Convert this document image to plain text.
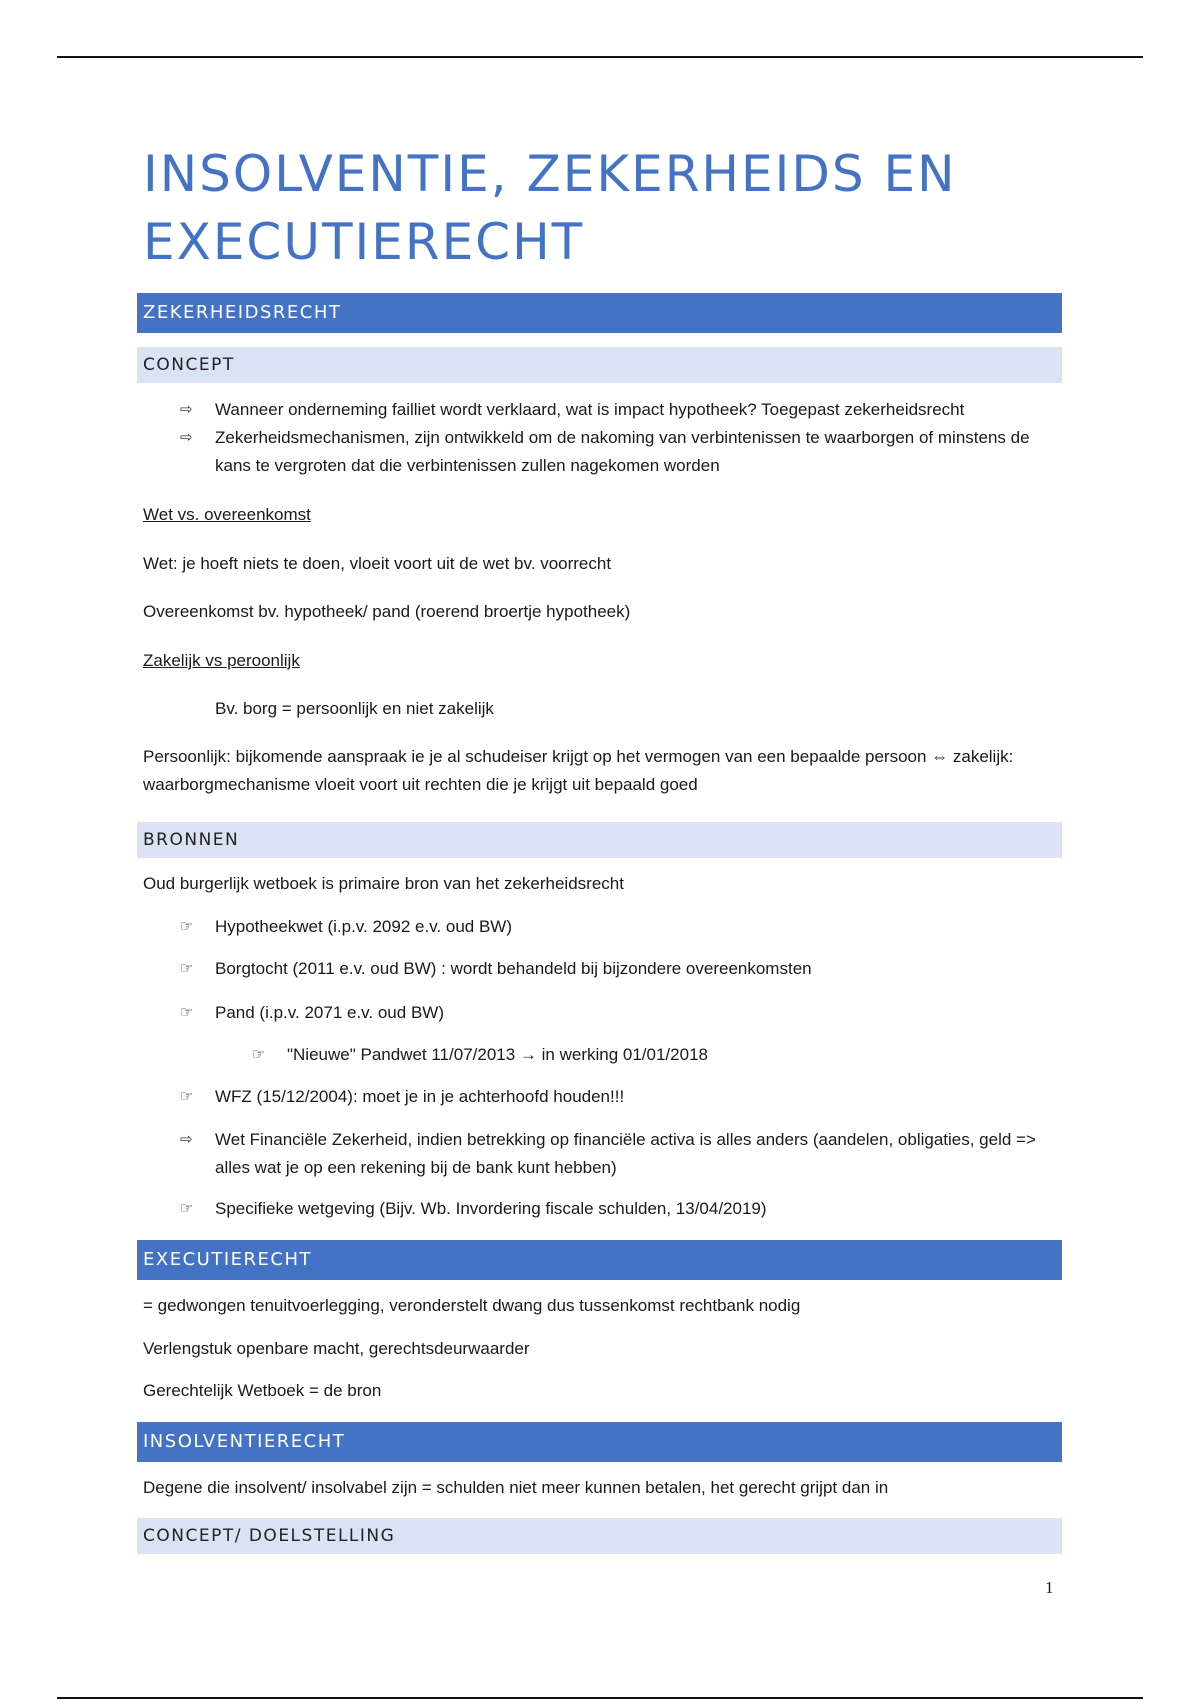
INSOLVENTIE, ZEKERHEIDS EN
EXECUTIERECHT
ZEKERHEIDSRECHT
CONCEPT
⇨	Wanneer onderneming failliet wordt verklaard, wat is impact hypotheek? Toegepast zekerheidsrecht
⇨	Zekerheidsmechanismen, zijn ontwikkeld om de nakoming van verbintenissen te waarborgen of minstens de kans te vergroten dat die verbintenissen zullen nagekomen worden
Wet vs. overeenkomst
Wet: je hoeft niets te doen, vloeit voort uit de wet bv. voorrecht
Overeenkomst bv. hypotheek/ pand (roerend broertje hypotheek)
Zakelijk vs peroonlijk
Bv. borg = persoonlijk en niet zakelijk
Persoonlijk: bijkomende aanspraak ie je al schudeiser krijgt op het vermogen van een bepaalde persoon ⇔ zakelijk: waarborgmechanisme vloeit voort uit rechten die je krijgt uit bepaald goed
BRONNEN
Oud burgerlijk wetboek is primaire bron van het zekerheidsrecht
☞	Hypotheekwet (i.p.v. 2092 e.v. oud BW)
☞	Borgtocht (2011 e.v. oud BW) : wordt behandeld bij bijzondere overeenkomsten
☞	Pand (i.p.v. 2071 e.v. oud BW)
☞	"Nieuwe" Pandwet 11/07/2013 → in werking 01/01/2018
☞	WFZ (15/12/2004): moet je in je achterhoofd houden!!!
⇨	Wet Financiële Zekerheid, indien betrekking op financiële activa is alles anders (aandelen, obligaties, geld => alles wat je op een rekening bij de bank kunt hebben)
☞	Specifieke wetgeving (Bijv. Wb. Invordering fiscale schulden, 13/04/2019)
EXECUTIERECHT
= gedwongen tenuitvoerlegging, veronderstelt dwang dus tussenkomst rechtbank nodig
Verlengstuk openbare macht, gerechtsdeurwaarder
Gerechtelijk Wetboek = de bron
INSOLVENTIERECHT
Degene die insolvent/ insolvabel zijn = schulden niet meer kunnen betalen, het gerecht grijpt dan in
CONCEPT/ DOELSTELLING
1
